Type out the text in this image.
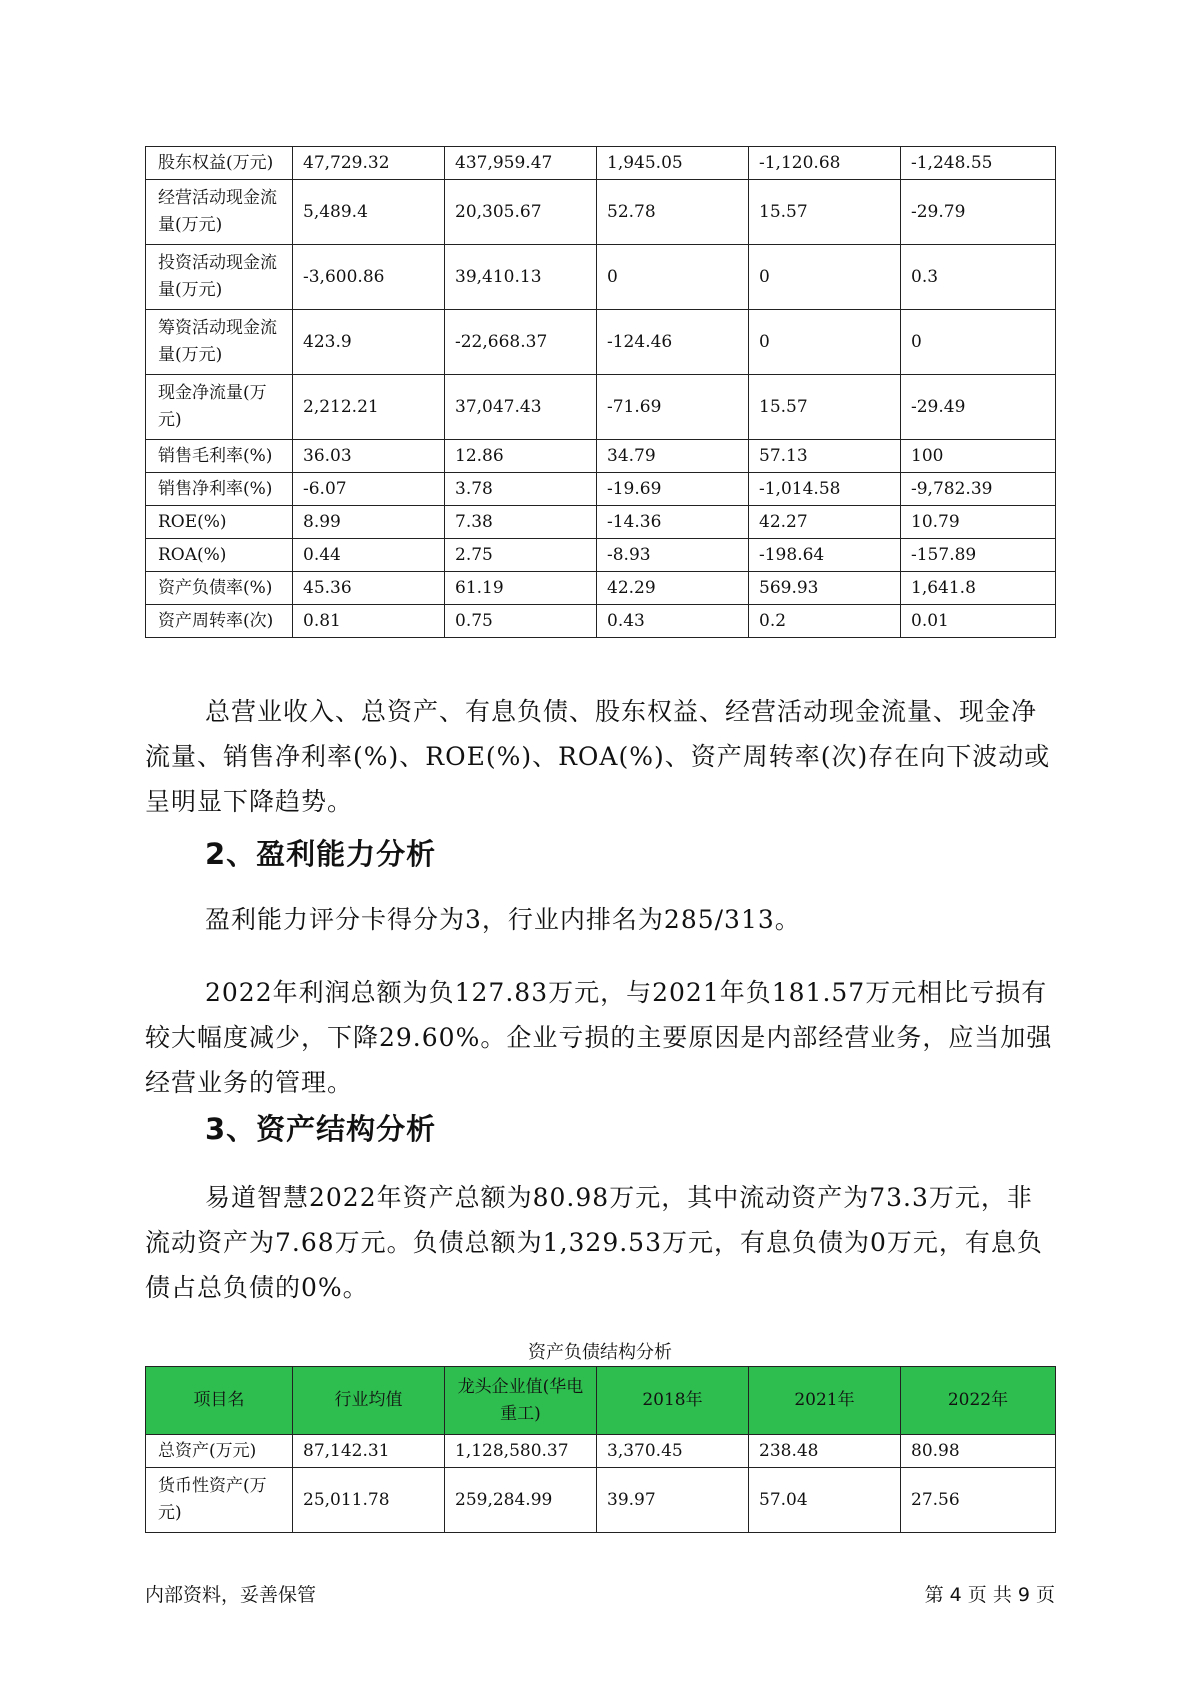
股东权益(万元)	47,729.32	437,959.47	1,945.05	-1,120.68	-1,248.55
经营活动现金流量(万元)	5,489.4	20,305.67	52.78	15.57	-29.79
投资活动现金流量(万元)	-3,600.86	39,410.13	0	0	0.3
筹资活动现金流量(万元)	423.9	-22,668.37	-124.46	0	0
现金净流量(万元)	2,212.21	37,047.43	-71.69	15.57	-29.49
销售毛利率(%)	36.03	12.86	34.79	57.13	100
销售净利率(%)	-6.07	3.78	-19.69	-1,014.58	-9,782.39
ROE(%)	8.99	7.38	-14.36	42.27	10.79
ROA(%)	0.44	2.75	-8.93	-198.64	-157.89
资产负债率(%)	45.36	61.19	42.29	569.93	1,641.8
资产周转率(次)	0.81	0.75	0.43	0.2	0.01

总营业收入、总资产、有息负债、股东权益、经营活动现金流量、现金净流量、销售净利率(%)、ROE(%)、ROA(%)、资产周转率(次)存在向下波动或呈明显下降趋势。

2、盈利能力分析

盈利能力评分卡得分为3，行业内排名为285/313。

2022年利润总额为负127.83万元，与2021年负181.57万元相比亏损有较大幅度减少，下降29.60%。企业亏损的主要原因是内部经营业务，应当加强经营业务的管理。

3、资产结构分析

易道智慧2022年资产总额为80.98万元，其中流动资产为73.3万元，非流动资产为7.68万元。负债总额为1,329.53万元，有息负债为0万元，有息负债占总负债的0%。

资产负债结构分析

项目名	行业均值	龙头企业值(华电重工)	2018年	2021年	2022年
总资产(万元)	87,142.31	1,128,580.37	3,370.45	238.48	80.98
货币性资产(万元)	25,011.78	259,284.99	39.97	57.04	27.56

内部资料，妥善保管	第 4 页 共 9 页
